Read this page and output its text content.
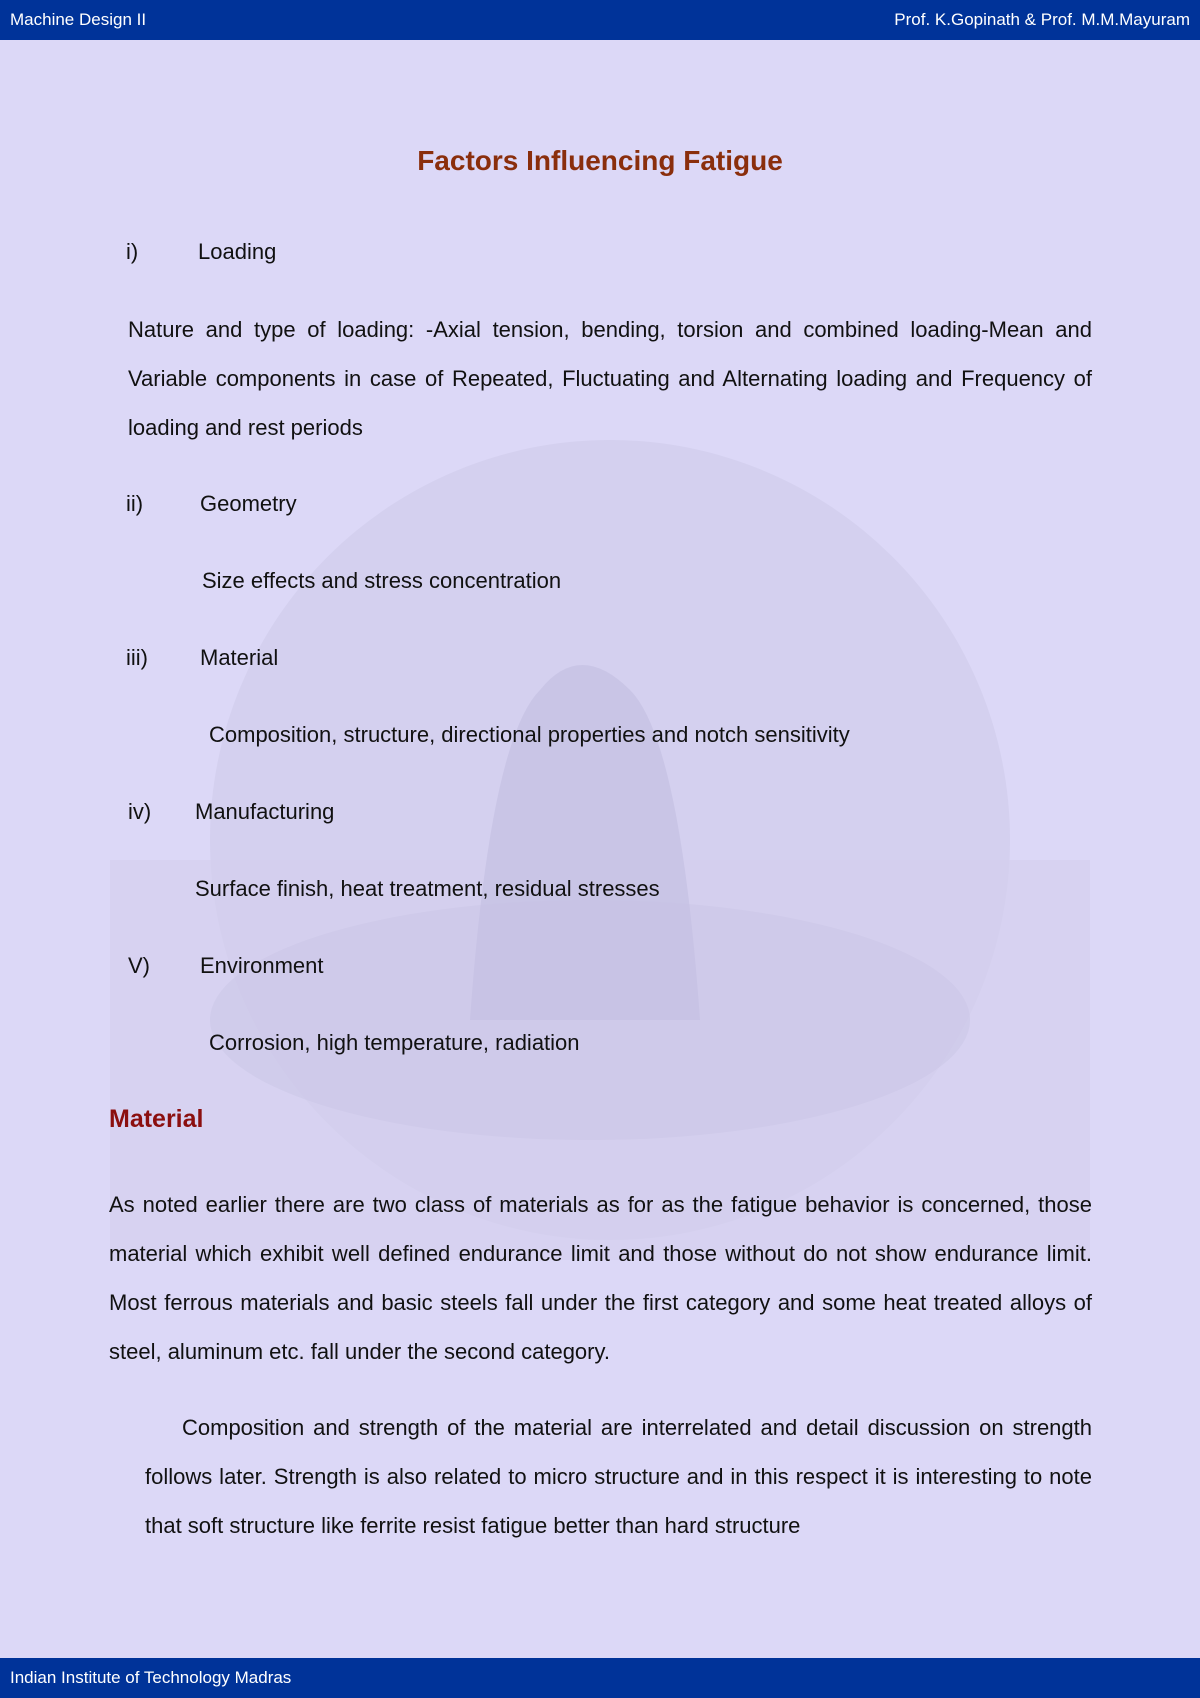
Machine Design II	Prof. K.Gopinath & Prof. M.M.Mayuram
Factors Influencing Fatigue
i)	Loading
Nature and type of loading: -Axial tension, bending, torsion and combined loading-Mean and Variable components in case of Repeated, Fluctuating and Alternating loading and Frequency of loading and rest periods
ii)	Geometry
Size effects and stress concentration
iii) Material
Composition, structure, directional properties and notch sensitivity
iv) Manufacturing
Surface finish, heat treatment, residual stresses
V) Environment
Corrosion, high temperature, radiation
Material
As noted earlier there are two class of materials as for as the fatigue behavior is concerned, those material which exhibit well defined endurance limit and those without do not show endurance limit. Most ferrous materials and basic steels fall under the first category and some heat treated alloys of steel, aluminum etc. fall under the second category.
Composition and strength of the material are interrelated and detail discussion on strength follows later. Strength is also related to micro structure and in this respect it is interesting to note that soft structure like ferrite resist fatigue better than hard structure
Indian Institute of Technology Madras
